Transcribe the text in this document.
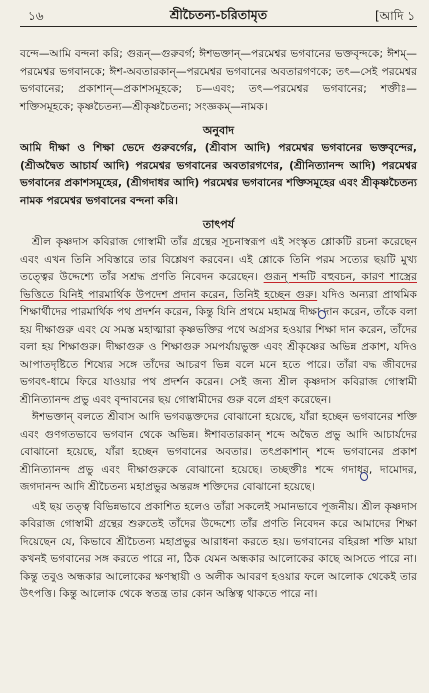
১৬	শ্রীচৈতন্য-চরিতামৃত	[আদি ১
বন্দে—আমি বন্দনা করি; গুরূন্—গুরুবর্গ; ঈশভক্তান্—পরমেশ্বর ভগবানের ভক্তবৃন্দকে; ঈশম্—পরমেশ্বর ভগবানকে; ঈশ-অবতারকান্—পরমেশ্বর ভগবানের অবতারগণকে; তৎ—সেই পরমেশ্বর ভগবানের; প্রকাশান্—প্রকাশসমূহকে; চ—এবং; তৎ—পরমেশ্বর ভগবানের; শক্তীঃ—শক্তিসমূহকে; কৃষ্ণচৈতন্য—শ্রীকৃষ্ণচৈতন্য; সংজ্ঞকম্—নামক।
অনুবাদ
আমি দীক্ষা ও শিক্ষা ভেদে গুরুবর্গের, (শ্রীবাস আদি) পরমেশ্বর ভগবানের ভক্তবৃন্দের, (শ্রীঅদ্বৈত আচার্য আদি) পরমেশ্বর ভগবানের অবতারগণের, (শ্রীনিত্যানন্দ আদি) পরমেশ্বর ভগবানের প্রকাশসমূহের, (শ্রীগদাধর আদি) পরমেশ্বর ভগবানের শক্তিসমূহের এবং শ্রীকৃষ্ণচৈতন্য নামক পরমেশ্বর ভগবানের বন্দনা করি।
তাৎপর্য

শ্রীল কৃষ্ণদাস কবিরাজ গোস্বামী তাঁর গ্রন্থের সূচনাস্বরূপ এই সংস্কৃত শ্লোকটি রচনা করেছেন এবং এখন তিনি সবিস্তারে তার বিশ্লেষণ করবেন। এই শ্লোকে তিনি পরম সত্যের ছয়টি মুখ্য তত্ত্বের উদ্দেশ্যে তাঁর সশ্রদ্ধ প্রণতি নিবেদন করেছেন। গুরূন্ শব্দটি বহুবচন, কারণ শাস্ত্রের ভিত্তিতে যিনিই পারমার্থিক উপদেশ প্রদান করেন, তিনিই হচ্ছেন গুরু। যদিও অন্যরা প্রাথমিক শিক্ষার্থীদের পারমার্থিক পথ প্রদর্শন করেন, কিন্তু যিনি প্রথমে মহামন্ত্র দীক্ষা দান করেন, তাঁকে বলা হয় দীক্ষাগুরু এবং যে সমস্ত মহাত্মারা কৃষ্ণভক্তির পথে অগ্রসর হওয়ার শিক্ষা দান করেন, তাঁদের বলা হয় শিক্ষাগুরু। দীক্ষাগুরু ও শিক্ষাগুরু সমপর্যায়ভুক্ত এবং শ্রীকৃষ্ণের অভিন্ন প্রকাশ, যদিও আপাতদৃষ্টিতে শিষ্যের সঙ্গে তাঁদের আচরণ ভিন্ন বলে মনে হতে পারে। তাঁরা বদ্ধ জীবদের ভগবৎ-ধামে ফিরে যাওয়ার পথ প্রদর্শন করেন। সেই জন্য শ্রীল কৃষ্ণদাস কবিরাজ গোস্বামী শ্রীনিত্যানন্দ প্রভু এবং বৃন্দাবনের ছয় গোস্বামীদের গুরু বলে গ্রহণ করেছেন।

ঈশভক্তান্ বলতে শ্রীবাস আদি ভগবদ্ভক্তদের বোঝানো হয়েছে, যাঁরা হচ্ছেন ভগবানের শক্তি এবং গুণগতভাবে ভগবান থেকে অভিন্ন। ঈশাবতারকান্ শব্দে অদ্বৈত প্রভু আদি আচার্যদের বোঝানো হয়েছে, যাঁরা হচ্ছেন ভগবানের অবতার। তৎপ্রকাশান্ শব্দে ভগবানের প্রকাশ শ্রীনিত্যানন্দ প্রভু এবং দীক্ষাগুরুকে বোঝানো হয়েছে। তচ্ছক্তীঃ শব্দে গদাধর, দামোদর, জগদানন্দ আদি শ্রীচৈতন্য মহাপ্রভুর অন্তরঙ্গ শক্তিদের বোঝানো হয়েছে।

এই ছয় তত্ত্ব বিভিন্নভাবে প্রকাশিত হলেও তাঁরা সকলেই সমানভাবে পূজনীয়। শ্রীল কৃষ্ণদাস কবিরাজ গোস্বামী গ্রন্থের শুরুতেই তাঁদের উদ্দেশ্যে তাঁর প্রণতি নিবেদন করে আমাদের শিক্ষা দিয়েছেন যে, কিভাবে শ্রীচৈতন্য মহাপ্রভুর আরাধনা করতে হয়। ভগবানের বহিরঙ্গা শক্তি মায়া কখনই ভগবানের সঙ্গ করতে পারে না, ঠিক যেমন অন্ধকার আলোকের কাছে আসতে পারে না। কিন্তু তবুও অন্ধকার আলোকের ক্ষণস্থায়ী ও অলীক আবরণ হওয়ার ফলে আলোক থেকেই তার উৎপত্তি। কিন্তু আলোক থেকে স্বতন্ত্র তার কোন অস্তিত্ব থাকতে পারে না।
